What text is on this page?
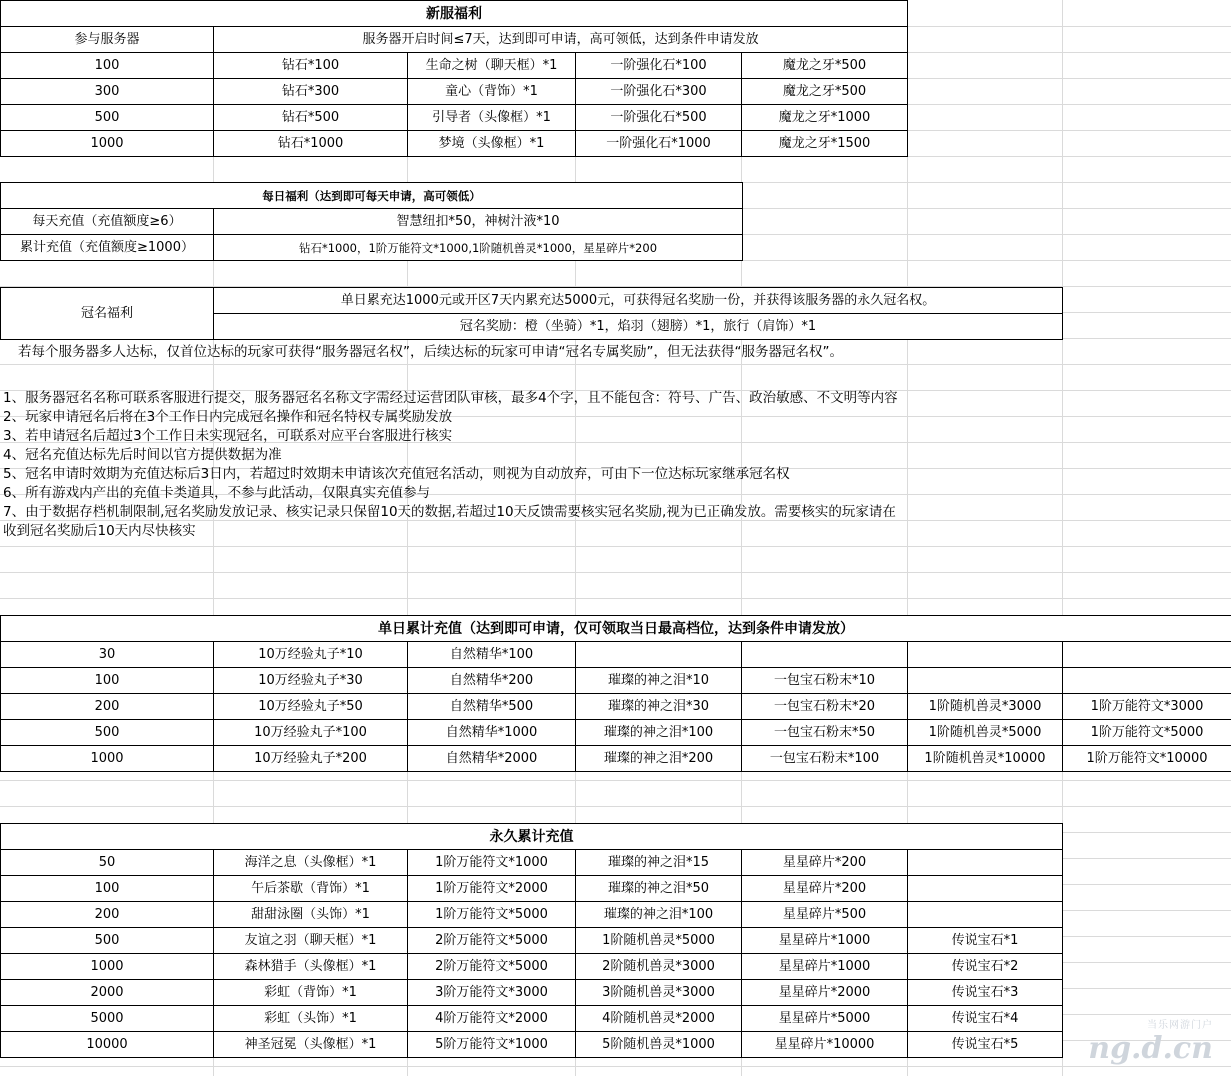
新服福利				
参与服务器	服务器开启时间≤7天，达到即可申请，高可领低，达到条件申请发放			
100	钻石*100	生命之树（聊天框）*1	一阶强化石*100	魔龙之牙*500
300	钻石*300	童心（背饰）*1	一阶强化石*300	魔龙之牙*500
500	钻石*500	引导者（头像框）*1	一阶强化石*500	魔龙之牙*1000
1000	钻石*1000	梦境（头像框）*1	一阶强化石*1000	魔龙之牙*1500
每日福利（达到即可每天申请，高可领低）	
每天充值（充值额度≥6）	智慧纽扣*50，神树汁液*10
累计充值（充值额度≥1000）	钻石*1000，1阶万能符文*1000,1阶随机兽灵*1000，星星碎片*200
冠名福利	单日累充达1000元或开区7天内累充达5000元，可获得冠名奖励一份，并获得该服务器的永久冠名权。
冠名奖励：橙（坐骑）*1，焰羽（翅膀）*1，旅行（肩饰）*1
若每个服务器多人达标，仅首位达标的玩家可获得“服务器冠名权”，后续达标的玩家可申请“冠名专属奖励”，但无法获得“服务器冠名权”。
1、服务器冠名名称可联系客服进行提交，服务器冠名名称文字需经过运营团队审核，最多4个字，且不能包含：符号、广告、政治敏感、不文明等内容
2、玩家申请冠名后将在3个工作日内完成冠名操作和冠名特权专属奖励发放
3、若申请冠名后超过3个工作日未实现冠名，可联系对应平台客服进行核实
4、冠名充值达标先后时间以官方提供数据为准
5、冠名申请时效期为充值达标后3日内，若超过时效期未申请该次充值冠名活动，则视为自动放弃，可由下一位达标玩家继承冠名权
6、所有游戏内产出的充值卡类道具，不参与此活动，仅限真实充值参与
7、由于数据存档机制限制,冠名奖励发放记录、核实记录只保留10天的数据,若超过10天反馈需要核实冠名奖励,视为已正确发放。需要核实的玩家请在
收到冠名奖励后10天内尽快核实
单日累计充值（达到即可申请，仅可领取当日最高档位，达到条件申请发放）						
30	10万经验丸子*10	自然精华*100				
100	10万经验丸子*30	自然精华*200	璀璨的神之泪*10	一包宝石粉末*10		
200	10万经验丸子*50	自然精华*500	璀璨的神之泪*30	一包宝石粉末*20	1阶随机兽灵*3000	1阶万能符文*3000
500	10万经验丸子*100	自然精华*1000	璀璨的神之泪*100	一包宝石粉末*50	1阶随机兽灵*5000	1阶万能符文*5000
1000	10万经验丸子*200	自然精华*2000	璀璨的神之泪*200	一包宝石粉末*100	1阶随机兽灵*10000	1阶万能符文*10000
永久累计充值					
50	海洋之息（头像框）*1	1阶万能符文*1000	璀璨的神之泪*15	星星碎片*200	
100	午后茶歇（背饰）*1	1阶万能符文*2000	璀璨的神之泪*50	星星碎片*200	
200	甜甜泳圈（头饰）*1	1阶万能符文*5000	璀璨的神之泪*100	星星碎片*500	
500	友谊之羽（聊天框）*1	2阶万能符文*5000	1阶随机兽灵*5000	星星碎片*1000	传说宝石*1
1000	森林猎手（头像框）*1	2阶万能符文*5000	2阶随机兽灵*3000	星星碎片*1000	传说宝石*2
2000	彩虹（背饰）*1	3阶万能符文*3000	3阶随机兽灵*3000	星星碎片*2000	传说宝石*3
5000	彩虹（头饰）*1	4阶万能符文*2000	4阶随机兽灵*2000	星星碎片*5000	传说宝石*4
10000	神圣冠冕（头像框）*1	5阶万能符文*1000	5阶随机兽灵*1000	星星碎片*10000	传说宝石*5
当乐网游门户
ng.d.cn
